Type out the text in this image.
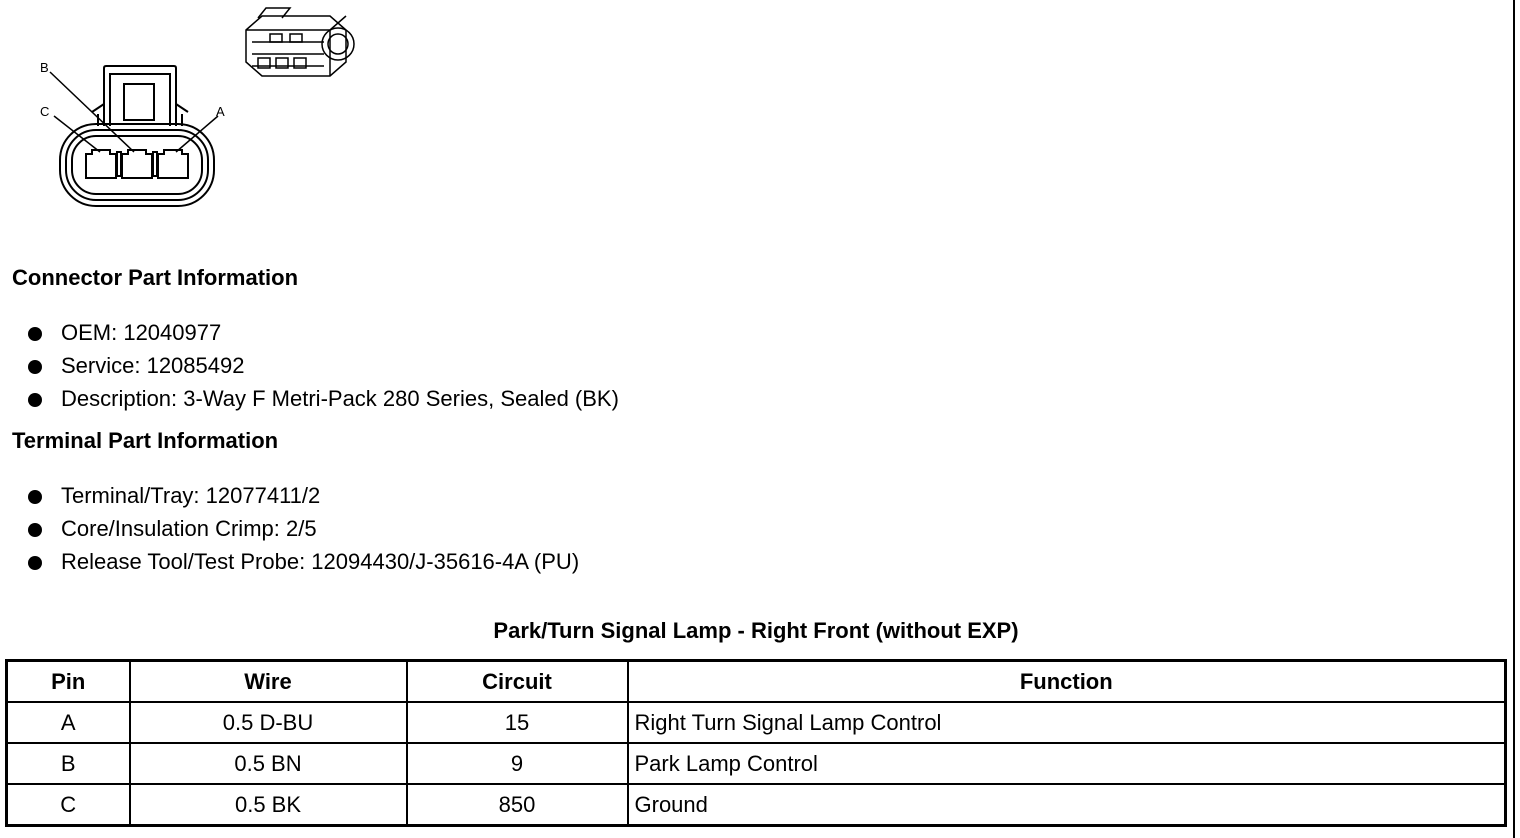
B
C	A
Connector Part Information
OEM: 12040977
Service: 12085492
Description: 3-Way F Metri-Pack 280 Series, Sealed (BK)
Terminal Part Information
Terminal/Tray: 12077411/2
Core/Insulation Crimp: 2/5
Release Tool/Test Probe: 12094430/J-35616-4A (PU)
Park/Turn Signal Lamp - Right Front (without EXP)
Pin	Wire	Circuit	Function
A	0.5 D-BU	15	Right Turn Signal Lamp Control
B	0.5 BN	9	Park Lamp Control
C	0.5 BK	850	Ground
